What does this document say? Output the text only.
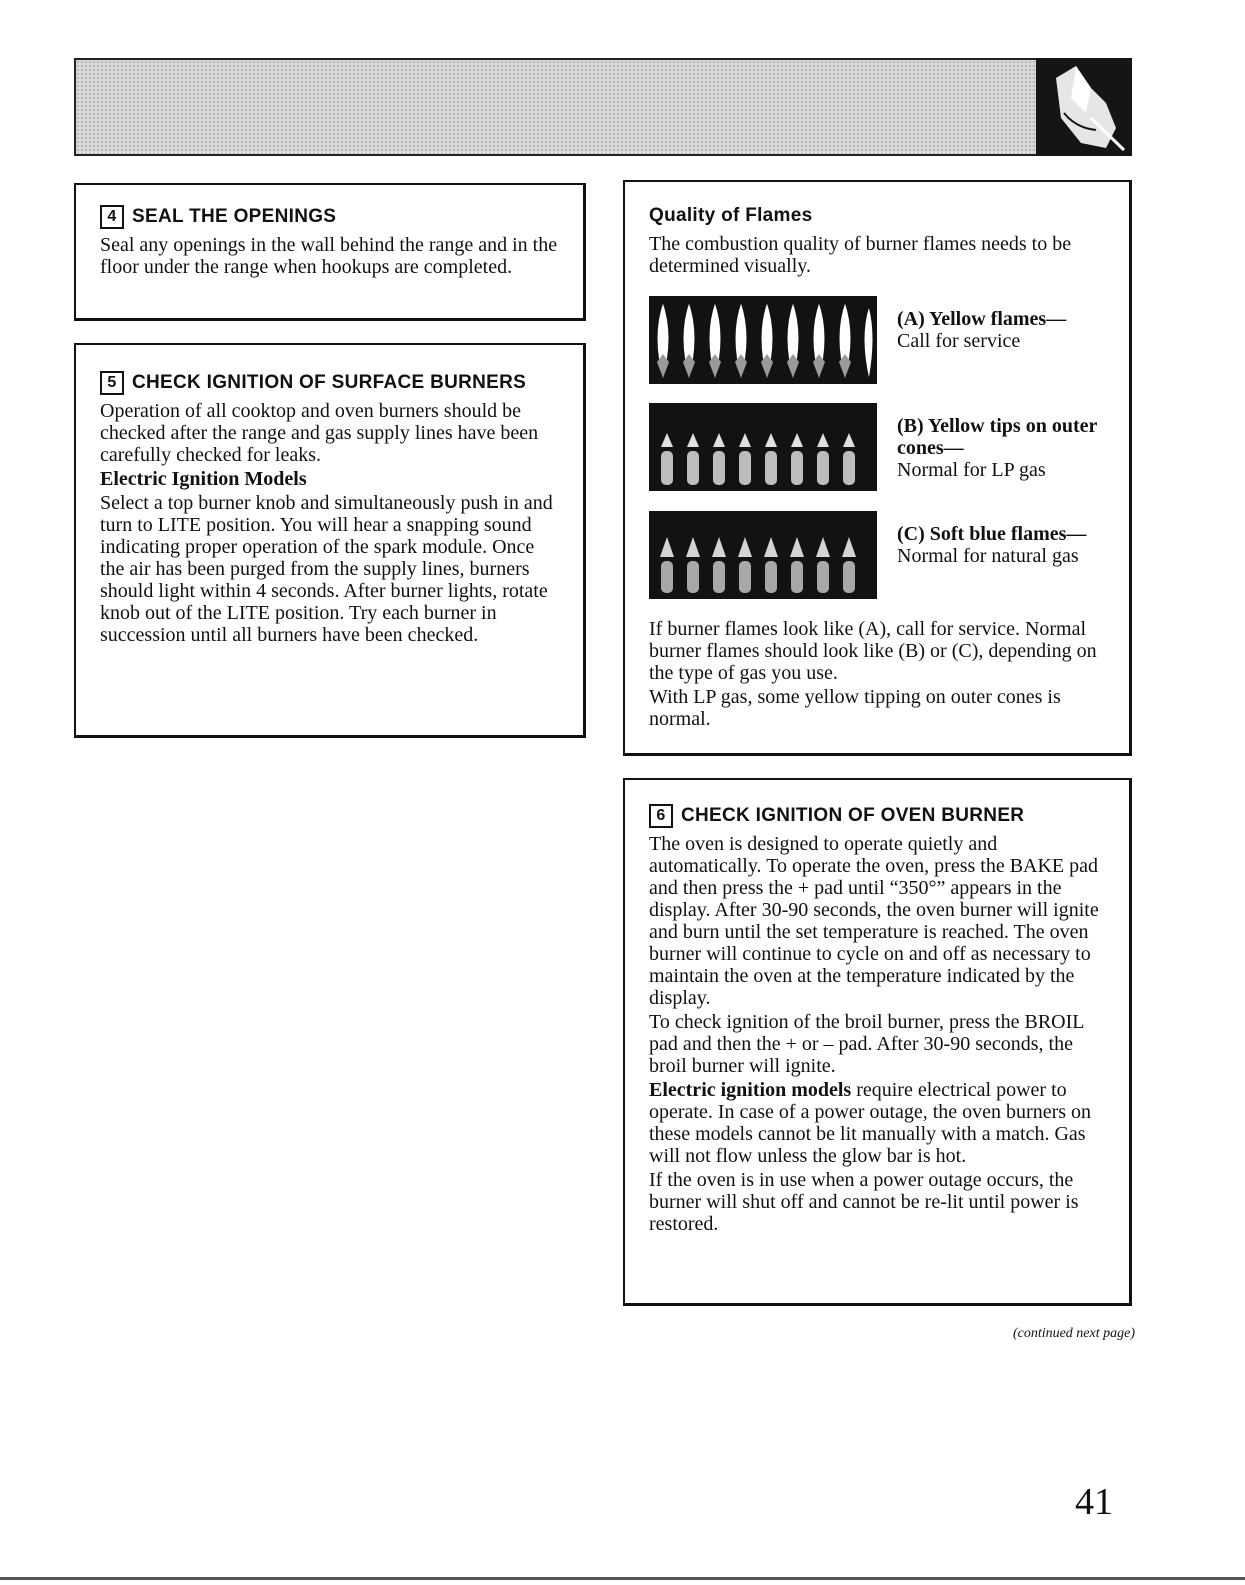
4 SEAL THE OPENINGS

Seal any openings in the wall behind the range and in the floor under the range when hookups are completed.

5 CHECK IGNITION OF SURFACE BURNERS

Operation of all cooktop and oven burners should be checked after the range and gas supply lines have been carefully checked for leaks.

Electric Ignition Models

Select a top burner knob and simultaneously push in and turn to LITE position. You will hear a snapping sound indicating proper operation of the spark module. Once the air has been purged from the supply lines, burners should light within 4 seconds. After burner lights, rotate knob out of the LITE position. Try each burner in succession until all burners have been checked.

Quality of Flames

The combustion quality of burner flames needs to be determined visually.

(A) Yellow flames—
Call for service
(B) Yellow tips on outer cones—
Normal for LP gas
(C) Soft blue flames—
Normal for natural gas

If burner flames look like (A), call for service. Normal burner flames should look like (B) or (C), depending on the type of gas you use.

With LP gas, some yellow tipping on outer cones is normal.

6 CHECK IGNITION OF OVEN BURNER

The oven is designed to operate quietly and automatically. To operate the oven, press the BAKE pad and then press the + pad until “350°” appears in the display. After 30-90 seconds, the oven burner will ignite and burn until the set temperature is reached. The oven burner will continue to cycle on and off as necessary to maintain the oven at the temperature indicated by the display.

To check ignition of the broil burner, press the BROIL pad and then the + or – pad. After 30-90 seconds, the broil burner will ignite.

Electric ignition models require electrical power to operate. In case of a power outage, the oven burners on these models cannot be lit manually with a match. Gas will not flow unless the glow bar is hot.

If the oven is in use when a power outage occurs, the burner will shut off and cannot be re-lit until power is restored.

(continued next page)
41
